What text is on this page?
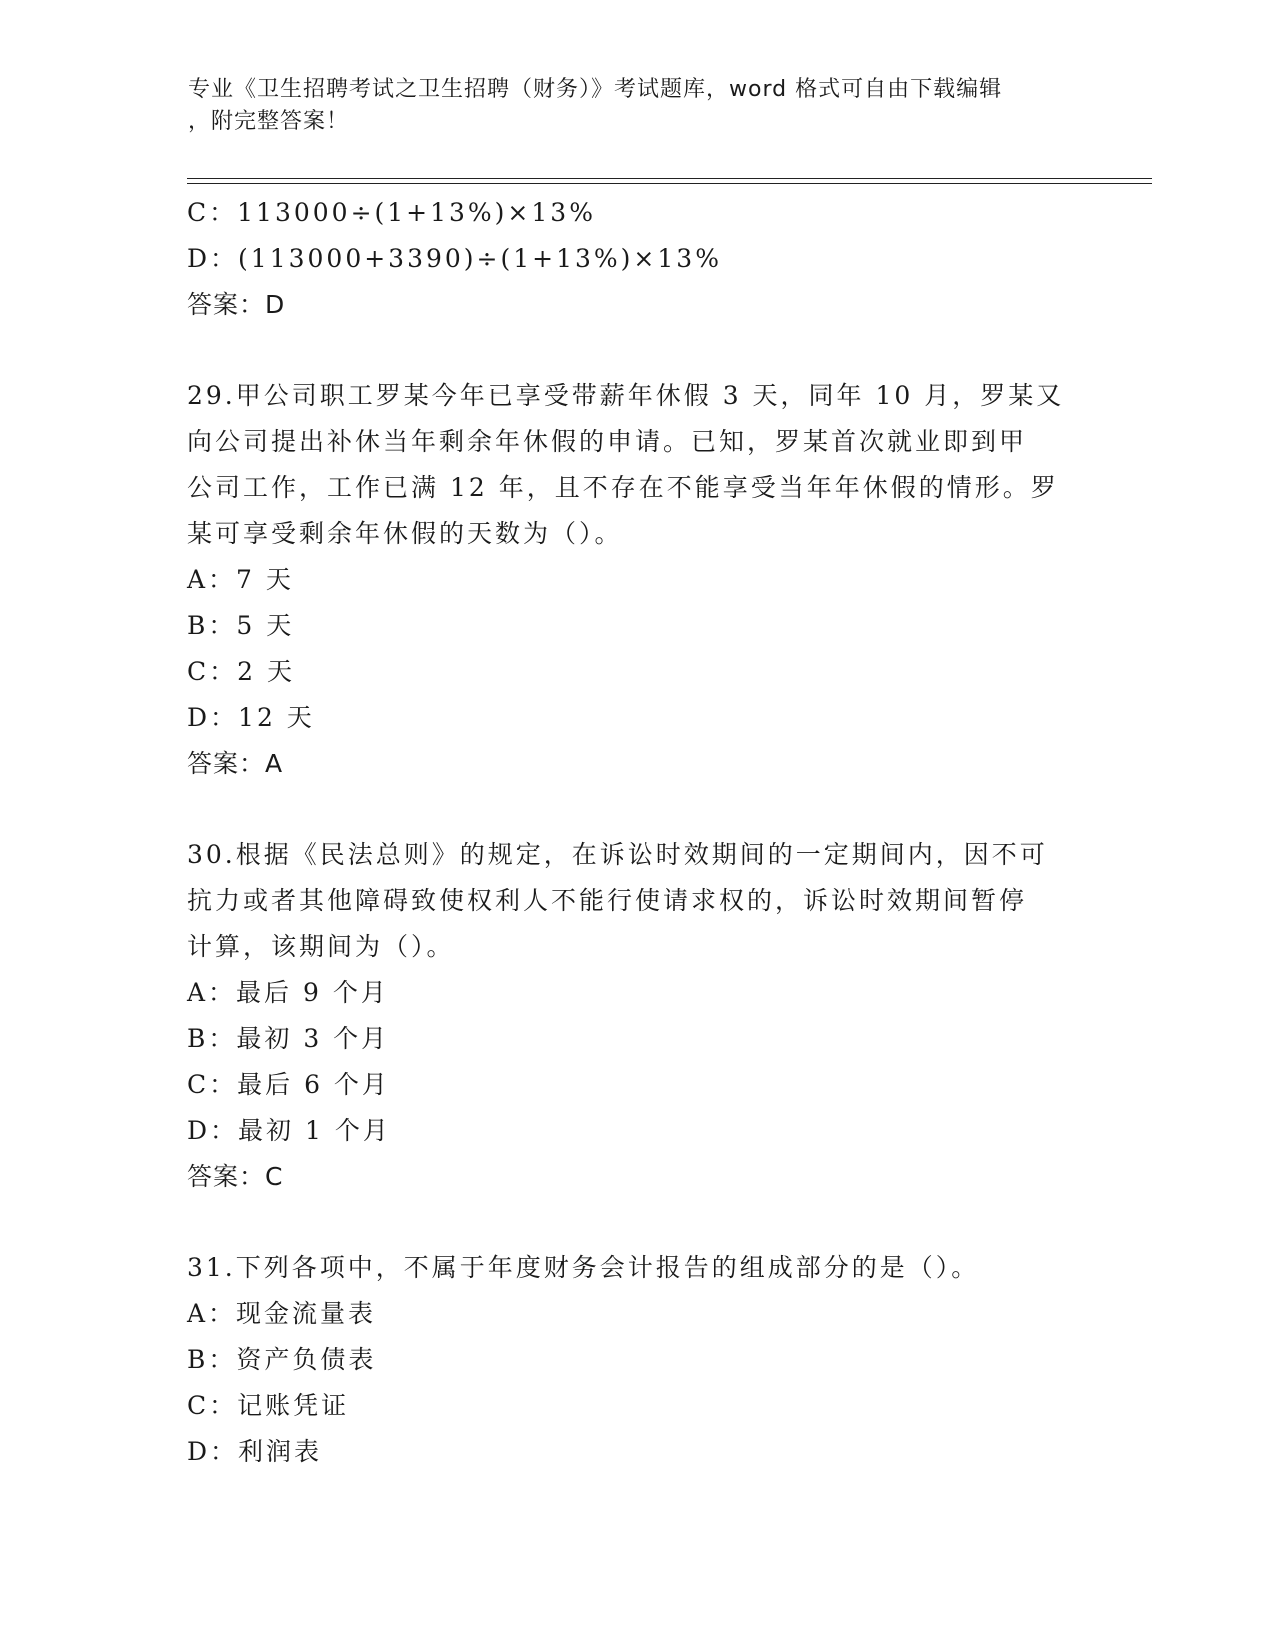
专业《卫生招聘考试之卫生招聘（财务）》考试题库，word 格式可自由下载编辑
，附完整答案！
C：113000÷(1+13%)×13%
D：(113000+3390)÷(1+13%)×13%
答案：D
29.甲公司职工罗某今年已享受带薪年休假 3 天，同年 10 月，罗某又
向公司提出补休当年剩余年休假的申请。已知，罗某首次就业即到甲
公司工作，工作已满 12 年，且不存在不能享受当年年休假的情形。罗
某可享受剩余年休假的天数为（）。
A：7 天
B：5 天
C：2 天
D：12 天
答案：A
30.根据《民法总则》的规定，在诉讼时效期间的一定期间内，因不可
抗力或者其他障碍致使权利人不能行使请求权的，诉讼时效期间暂停
计算，该期间为（）。
A：最后 9 个月
B：最初 3 个月
C：最后 6 个月
D：最初 1 个月
答案：C
31.下列各项中，不属于年度财务会计报告的组成部分的是（）。
A：现金流量表
B：资产负债表
C：记账凭证
D：利润表
